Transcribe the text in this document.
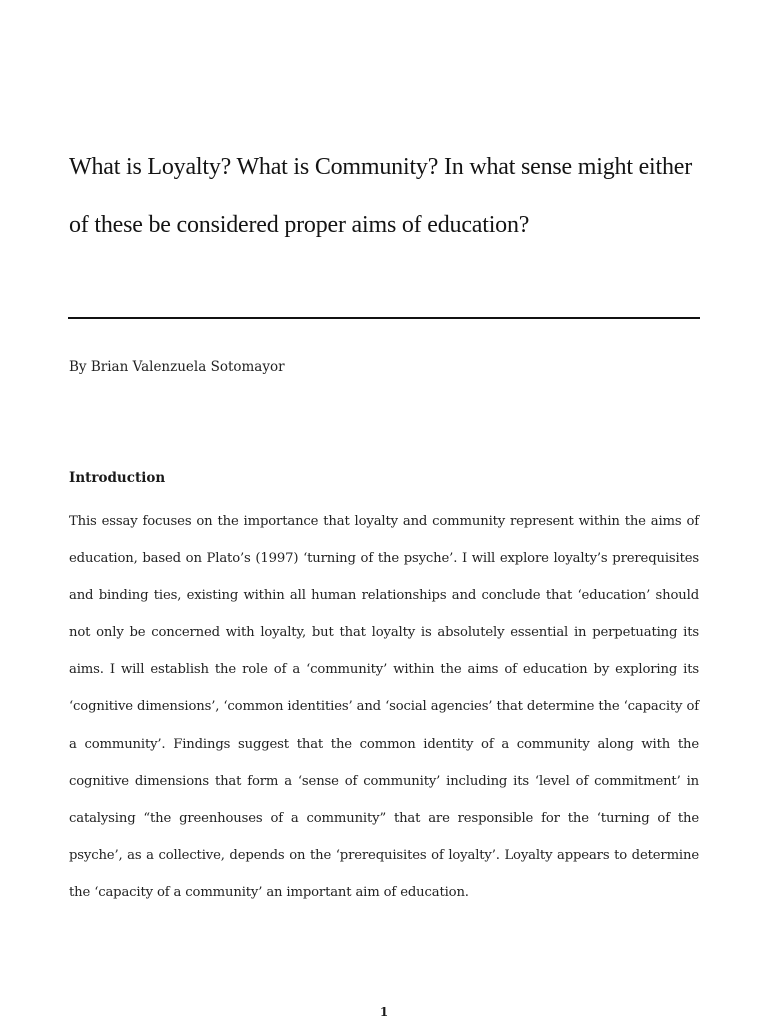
What is Loyalty? What is Community? In what sense might either of these be considered proper aims of education?
By Brian Valenzuela Sotomayor
Introduction

This essay focuses on the importance that loyalty and community represent within the aims of education, based on Plato’s (1997) ‘turning of the psyche’. I will explore loyalty’s prerequisites and binding ties, existing within all human relationships and conclude that ‘education’ should not only be concerned with loyalty, but that loyalty is absolutely essential in perpetuating its aims. I will establish the role of a ‘community’ within the aims of education by exploring its ‘cognitive dimensions’, ‘common identities’ and ‘social agencies’ that determine the ‘capacity of a community’. Findings suggest that the common identity of a community along with the cognitive dimensions that form a ‘sense of community’ including its ‘level of commitment’ in catalysing “the greenhouses of a community” that are responsible for the ‘turning of the psyche’, as a collective, depends on the ‘prerequisites of loyalty’. Loyalty appears to determine the ‘capacity of a community’ an important aim of education.

1
